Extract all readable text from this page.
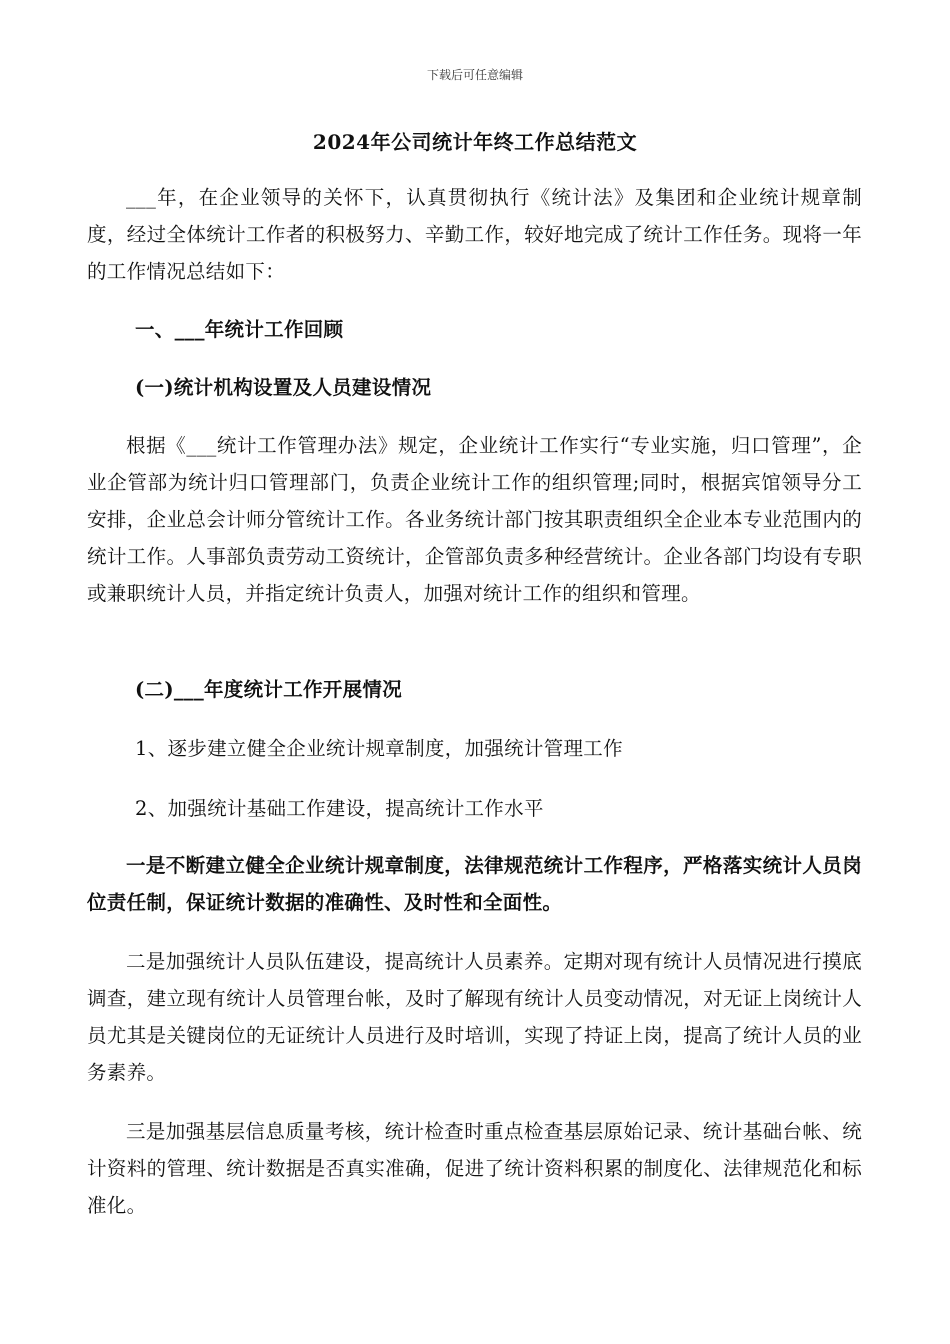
下载后可任意编辑
2024年公司统计年终工作总结范文

___年，在企业领导的关怀下，认真贯彻执行《统计法》及集团和企业统计规章制度，经过全体统计工作者的积极努力、辛勤工作，较好地完成了统计工作任务。现将一年的工作情况总结如下：

一、___年统计工作回顾

(一)统计机构设置及人员建设情况

根据《___统计工作管理办法》规定，企业统计工作实行“专业实施，归口管理”，企业企管部为统计归口管理部门，负责企业统计工作的组织管理;同时，根据宾馆领导分工安排，企业总会计师分管统计工作。各业务统计部门按其职责组织全企业本专业范围内的统计工作。人事部负责劳动工资统计，企管部负责多种经营统计。企业各部门均设有专职或兼职统计人员，并指定统计负责人，加强对统计工作的组织和管理。

(二)___年度统计工作开展情况

1、逐步建立健全企业统计规章制度，加强统计管理工作

2、加强统计基础工作建设，提高统计工作水平

一是不断建立健全企业统计规章制度，法律规范统计工作程序，严格落实统计人员岗位责任制，保证统计数据的准确性、及时性和全面性。

二是加强统计人员队伍建设，提高统计人员素养。定期对现有统计人员情况进行摸底调查，建立现有统计人员管理台帐，及时了解现有统计人员变动情况，对无证上岗统计人员尤其是关键岗位的无证统计人员进行及时培训，实现了持证上岗，提高了统计人员的业务素养。

三是加强基层信息质量考核，统计检查时重点检查基层原始记录、统计基础台帐、统计资料的管理、统计数据是否真实准确，促进了统计资料积累的制度化、法律规范化和标准化。
